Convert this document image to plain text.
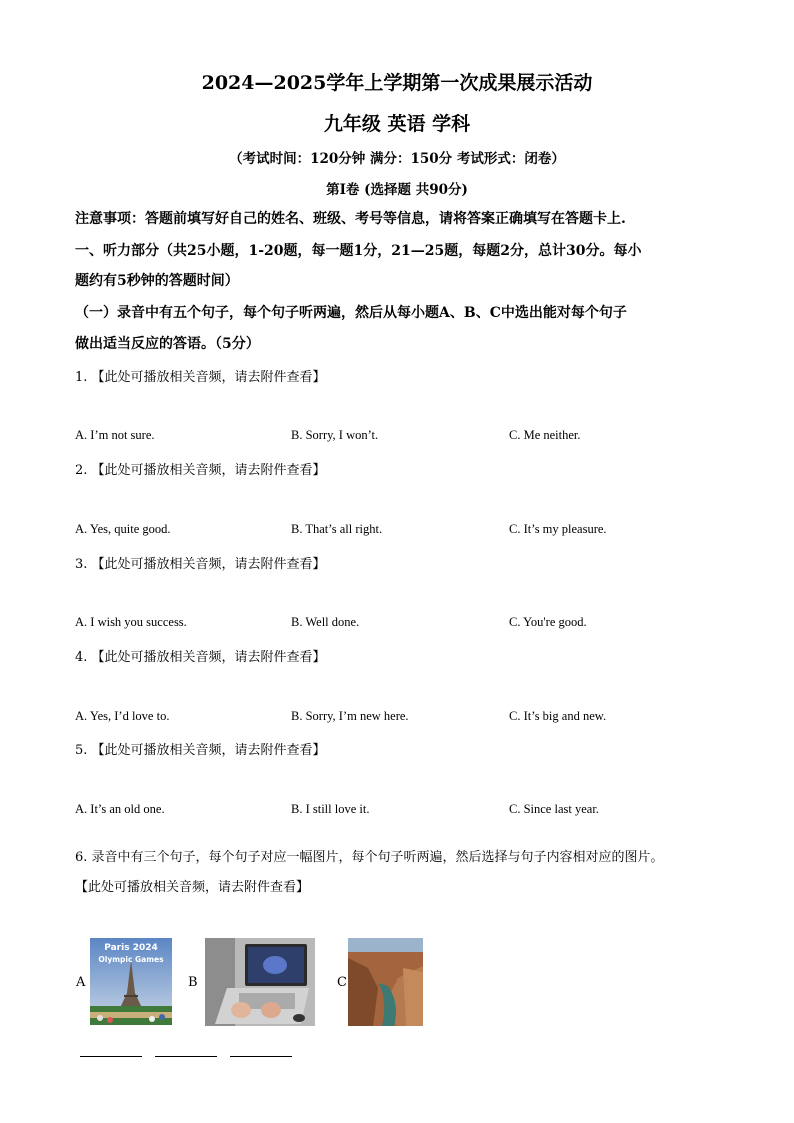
2024—2025学年上学期第一次成果展示活动
九年级 英语 学科
（考试时间：120分钟 满分：150分 考试形式：闭卷）
第Ⅰ卷 (选择题 共90分)
注意事项：答题前填写好自己的姓名、班级、考号等信息，请将答案正确填写在答题卡上.
一、听力部分（共25小题，1-20题，每一题1分，21—25题，每题2分，总计30分。每小
题约有5秒钟的答题时间）
（一）录音中有五个句子，每个句子听两遍，然后从每小题A、B、C中选出能对每个句子
做出适当反应的答语。（5分）
1. 【此处可播放相关音频，请去附件查看】
A. I’m not sure.	B. Sorry, I won’t.	C. Me neither.
2. 【此处可播放相关音频，请去附件查看】
A. Yes, quite good.	B. That’s all right.	C. It’s my pleasure.
3. 【此处可播放相关音频，请去附件查看】
A. I wish you success.	B. Well done.	C. You're good.
4. 【此处可播放相关音频，请去附件查看】
A. Yes, I’d love to.	B. Sorry, I’m new here.	C. It’s big and new.
5. 【此处可播放相关音频，请去附件查看】
A. It’s an old one.	B. I still love it.	C. Since last year.
6. 录音中有三个句子，每个句子对应一幅图片，每个句子听两遍，然后选择与句子内容相对应的图片。
【此处可播放相关音频，请去附件查看】
A
Paris 2024
Olympic Games
B	C
